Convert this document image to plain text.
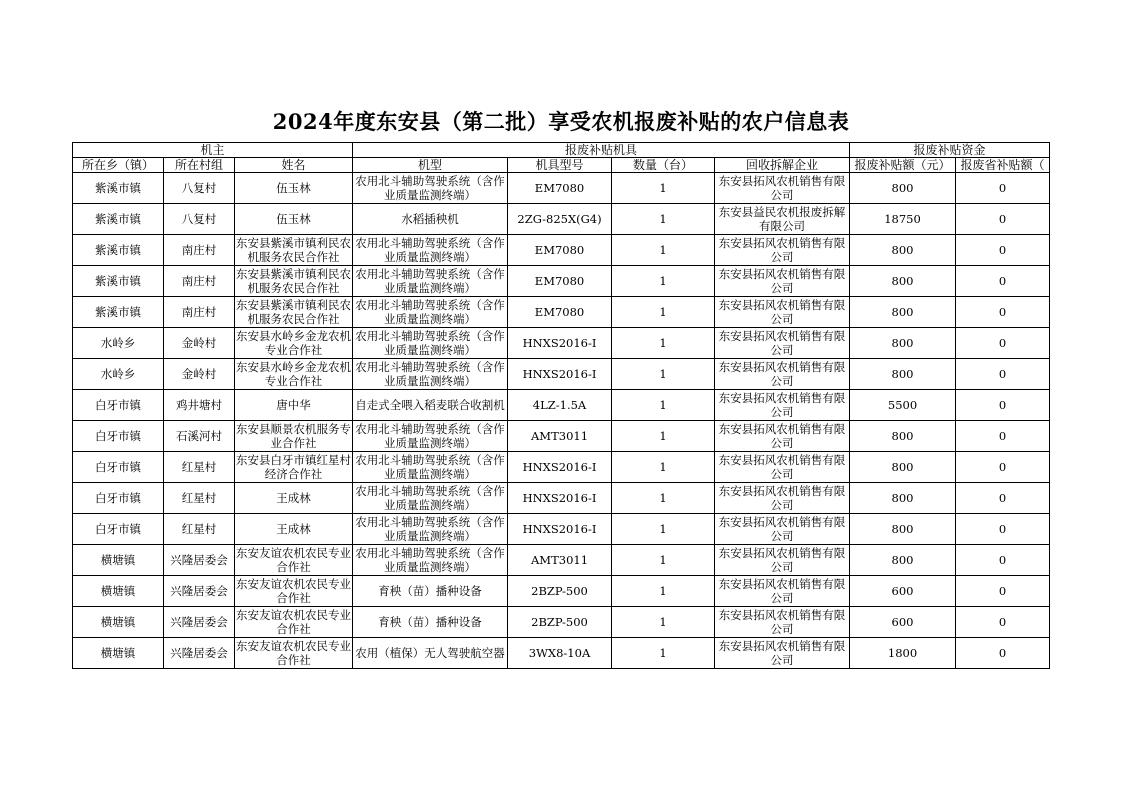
2024年度东安县（第二批）享受农机报废补贴的农户信息表
机主			报废补贴机具				报废补贴资金	
所在乡（镇）	所在村组	姓名	机型	机具型号	数量（台）	回收拆解企业	报废补贴额（元）	报废省补贴额（
紫溪市镇	八复村	伍玉林	农用北斗辅助驾驶系统（含作业质量监测终端）	EM7080	1	东安县拓风农机销售有限公司	800	0
紫溪市镇	八复村	伍玉林	水稻插秧机	2ZG-825X(G4)	1	东安县益民农机报废拆解有限公司	18750	0
紫溪市镇	南庄村	东安县紫溪市镇利民农机服务农民合作社	农用北斗辅助驾驶系统（含作业质量监测终端）	EM7080	1	东安县拓风农机销售有限公司	800	0
紫溪市镇	南庄村	东安县紫溪市镇利民农机服务农民合作社	农用北斗辅助驾驶系统（含作业质量监测终端）	EM7080	1	东安县拓风农机销售有限公司	800	0
紫溪市镇	南庄村	东安县紫溪市镇利民农机服务农民合作社	农用北斗辅助驾驶系统（含作业质量监测终端）	EM7080	1	东安县拓风农机销售有限公司	800	0
水岭乡	金岭村	东安县水岭乡金龙农机专业合作社	农用北斗辅助驾驶系统（含作业质量监测终端）	HNXS2016-I	1	东安县拓风农机销售有限公司	800	0
水岭乡	金岭村	东安县水岭乡金龙农机专业合作社	农用北斗辅助驾驶系统（含作业质量监测终端）	HNXS2016-I	1	东安县拓风农机销售有限公司	800	0
白牙市镇	鸡井塘村	唐中华	自走式全喂入稻麦联合收割机	4LZ-1.5A	1	东安县拓风农机销售有限公司	5500	0
白牙市镇	石溪河村	东安县顺景农机服务专业合作社	农用北斗辅助驾驶系统（含作业质量监测终端）	AMT3011	1	东安县拓风农机销售有限公司	800	0
白牙市镇	红星村	东安县白牙市镇红星村经济合作社	农用北斗辅助驾驶系统（含作业质量监测终端）	HNXS2016-I	1	东安县拓风农机销售有限公司	800	0
白牙市镇	红星村	王成林	农用北斗辅助驾驶系统（含作业质量监测终端）	HNXS2016-I	1	东安县拓风农机销售有限公司	800	0
白牙市镇	红星村	王成林	农用北斗辅助驾驶系统（含作业质量监测终端）	HNXS2016-I	1	东安县拓风农机销售有限公司	800	0
横塘镇	兴隆居委会	东安友谊农机农民专业合作社	农用北斗辅助驾驶系统（含作业质量监测终端）	AMT3011	1	东安县拓风农机销售有限公司	800	0
横塘镇	兴隆居委会	东安友谊农机农民专业合作社	育秧（苗）播种设备	2BZP-500	1	东安县拓风农机销售有限公司	600	0
横塘镇	兴隆居委会	东安友谊农机农民专业合作社	育秧（苗）播种设备	2BZP-500	1	东安县拓风农机销售有限公司	600	0
横塘镇	兴隆居委会	东安友谊农机农民专业合作社	农用（植保）无人驾驶航空器	3WX8-10A	1	东安县拓风农机销售有限公司	1800	0
